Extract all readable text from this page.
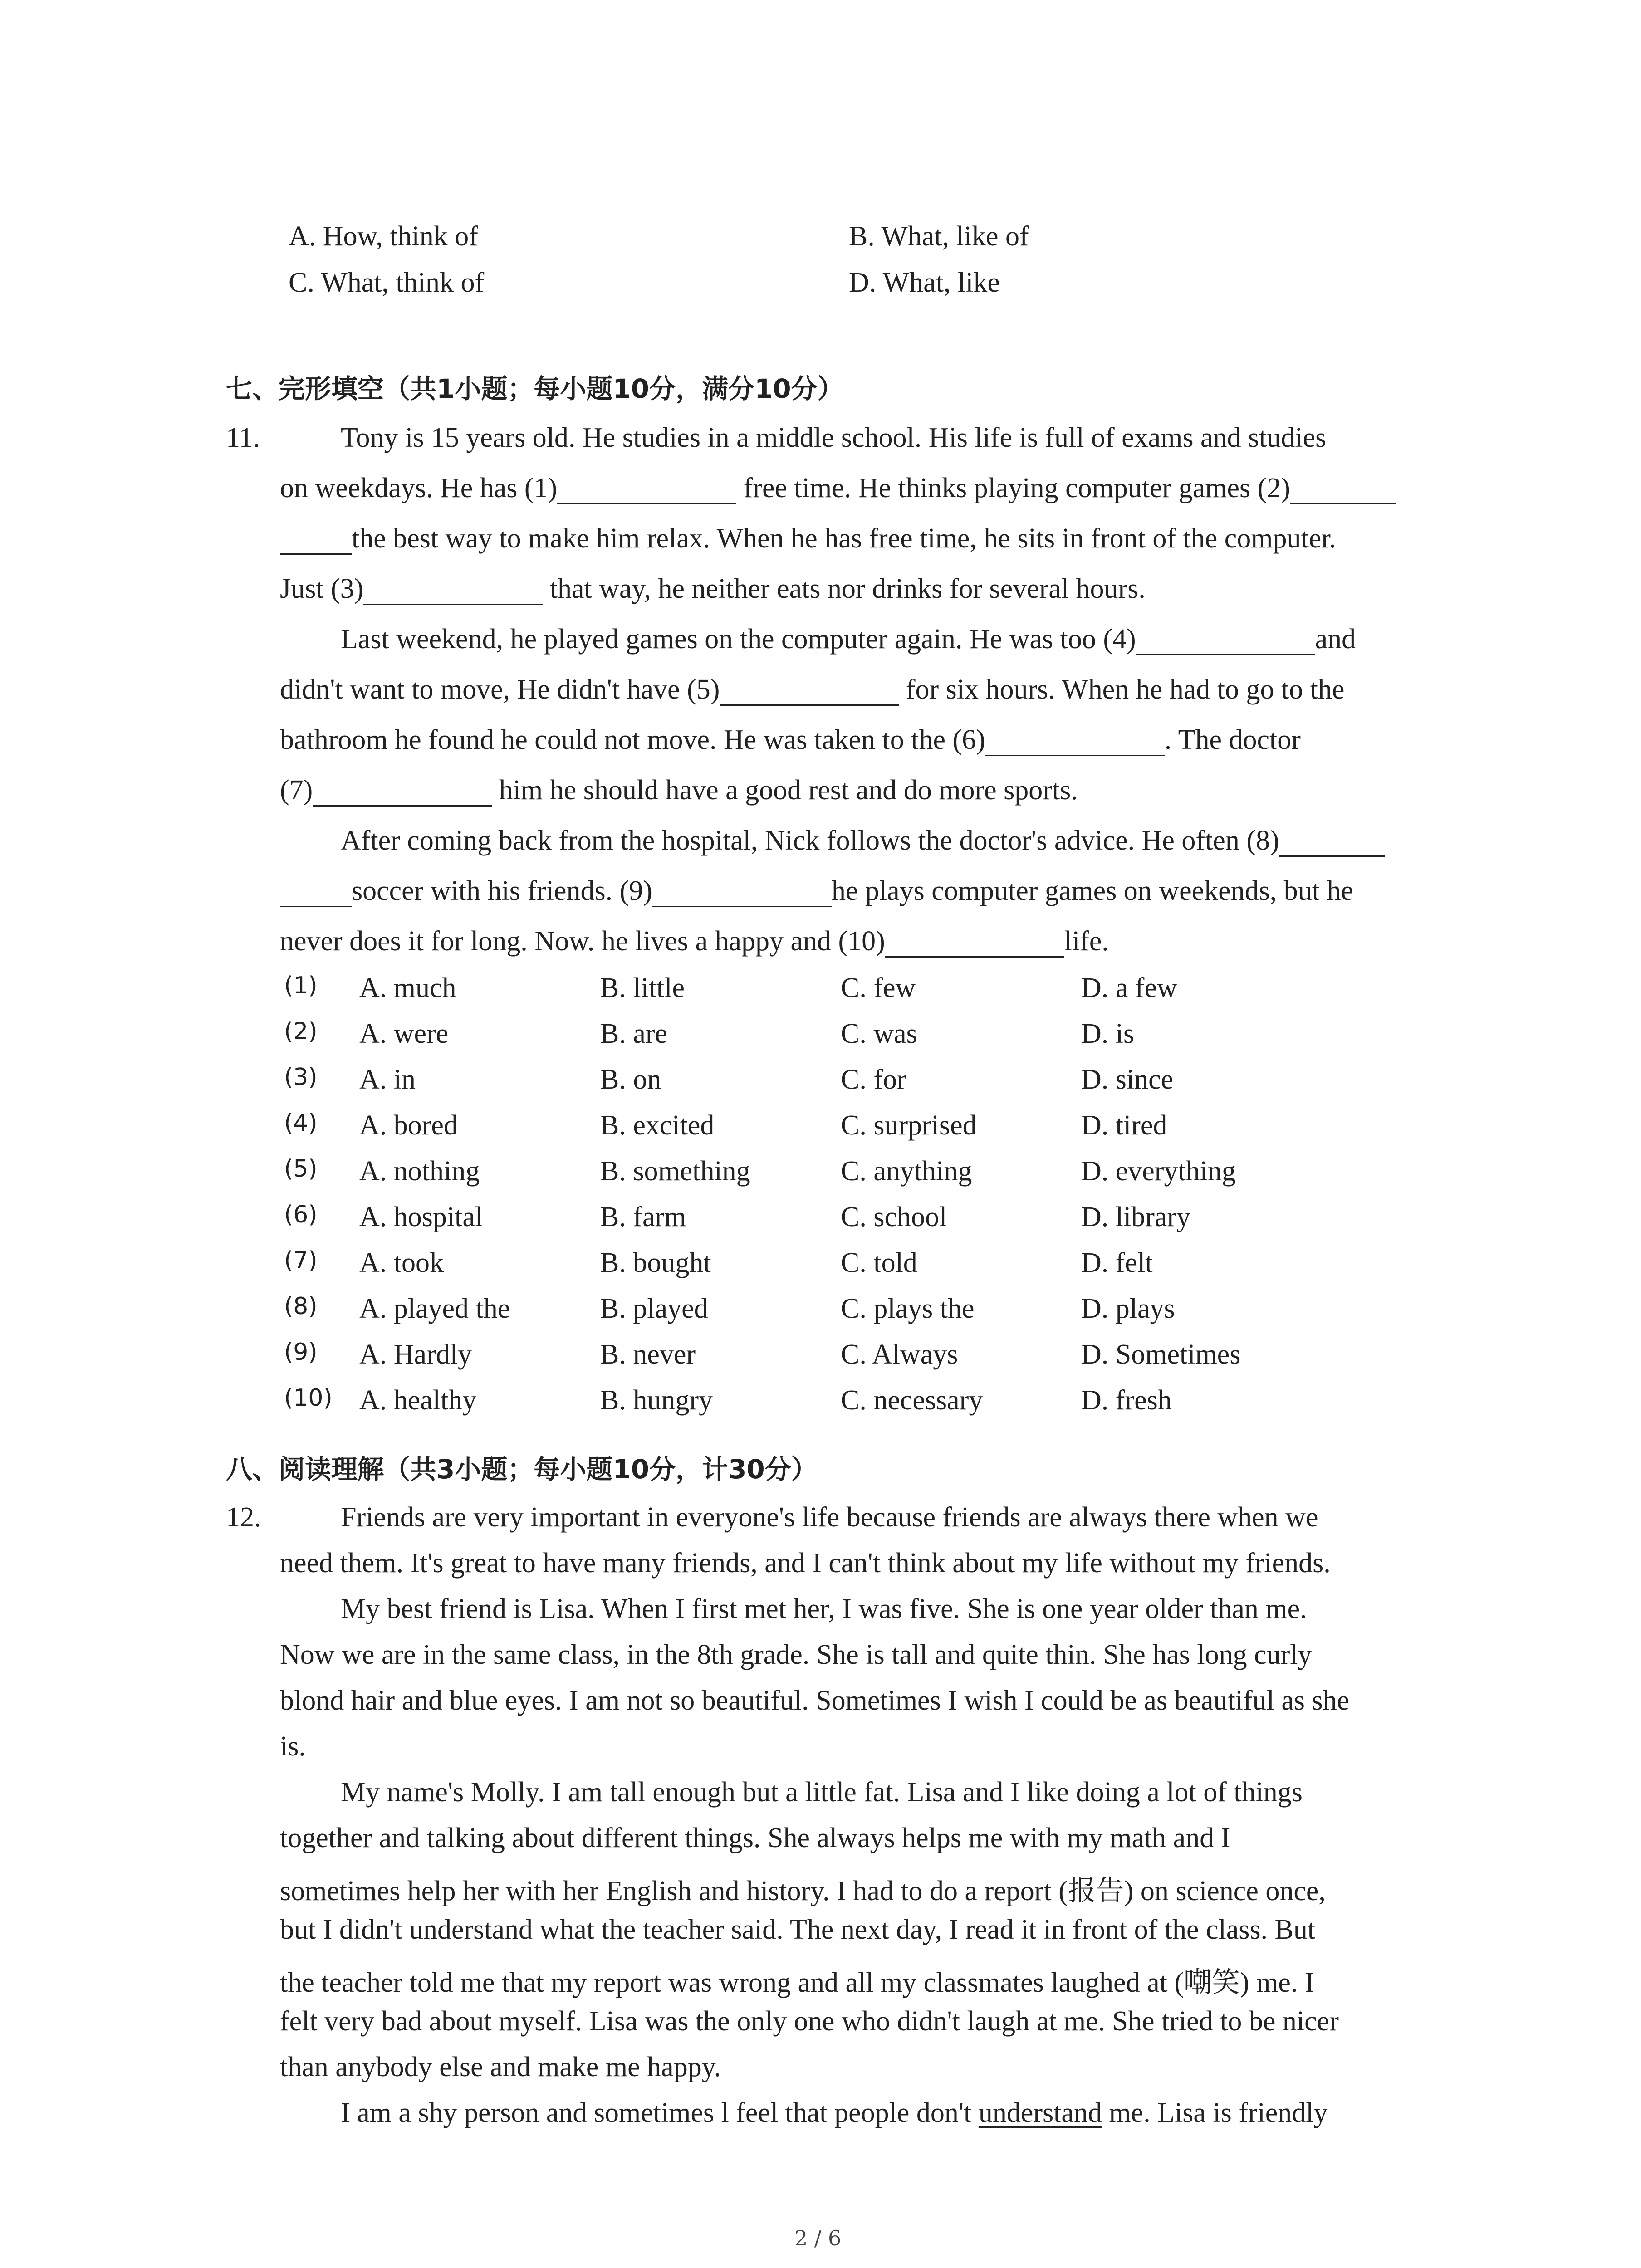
A. How, think of	B. What, like of
C. What, think of	D. What, like
七、完形填空（共1小题；每小题10分，满分10分）
11.	Tony is 15 years old. He studies in a middle school. His life is full of exams and studies
on weekdays. He has (1)	free time. He thinks playing computer games (2)
the best way to make him relax. When he has free time, he sits in front of the computer.
Just (3)	that way, he neither eats nor drinks for several hours.
Last weekend, he played games on the computer again. He was too (4)	and
didn't want to move, He didn't have (5)	for six hours. When he had to go to the
bathroom he found he could not move. He was taken to the (6)	. The doctor
(7)	him he should have a good rest and do more sports.
After coming back from the hospital, Nick follows the doctor's advice. He often (8)
soccer with his friends. (9)	he plays computer games on weekends, but he
never does it for long. Now. he lives a happy and (10)	life.
(1) A. much	B. little	C. few	D. a few
(2) A. were	B. are	C. was	D. is
(3) A. in	B. on	C. for	D. since
(4) A. bored	B. excited	C. surprised	D. tired
(5) A. nothing	B. something	C. anything	D. everything
(6) A. hospital	B. farm	C. school	D. library
(7) A. took	B. bought	C. told	D. felt
(8) A. played the	B. played	C. plays the	D. plays
(9) A. Hardly	B. never	C. Always	D. Sometimes
(10) A. healthy	B. hungry	C. necessary	D. fresh
八、阅读理解（共3小题；每小题10分，计30分）
12.	Friends are very important in everyone's life because friends are always there when we
need them. It's great to have many friends, and I can't think about my life without my friends.
My best friend is Lisa. When I first met her, I was five. She is one year older than me.
Now we are in the same class, in the 8th grade. She is tall and quite thin. She has long curly
blond hair and blue eyes. I am not so beautiful. Sometimes I wish I could be as beautiful as she
is.
My name's Molly. I am tall enough but a little fat. Lisa and I like doing a lot of things
together and talking about different things. She always helps me with my math and I
sometimes help her with her English and history. I had to do a report (报告) on science once,
but I didn't understand what the teacher said. The next day, I read it in front of the class. But
the teacher told me that my report was wrong and all my classmates laughed at (嘲笑) me. I
felt very bad about myself. Lisa was the only one who didn't laugh at me. She tried to be nicer
than anybody else and make me happy.
I am a shy person and sometimes l feel that people don't understand me. Lisa is friendly
2 / 6
